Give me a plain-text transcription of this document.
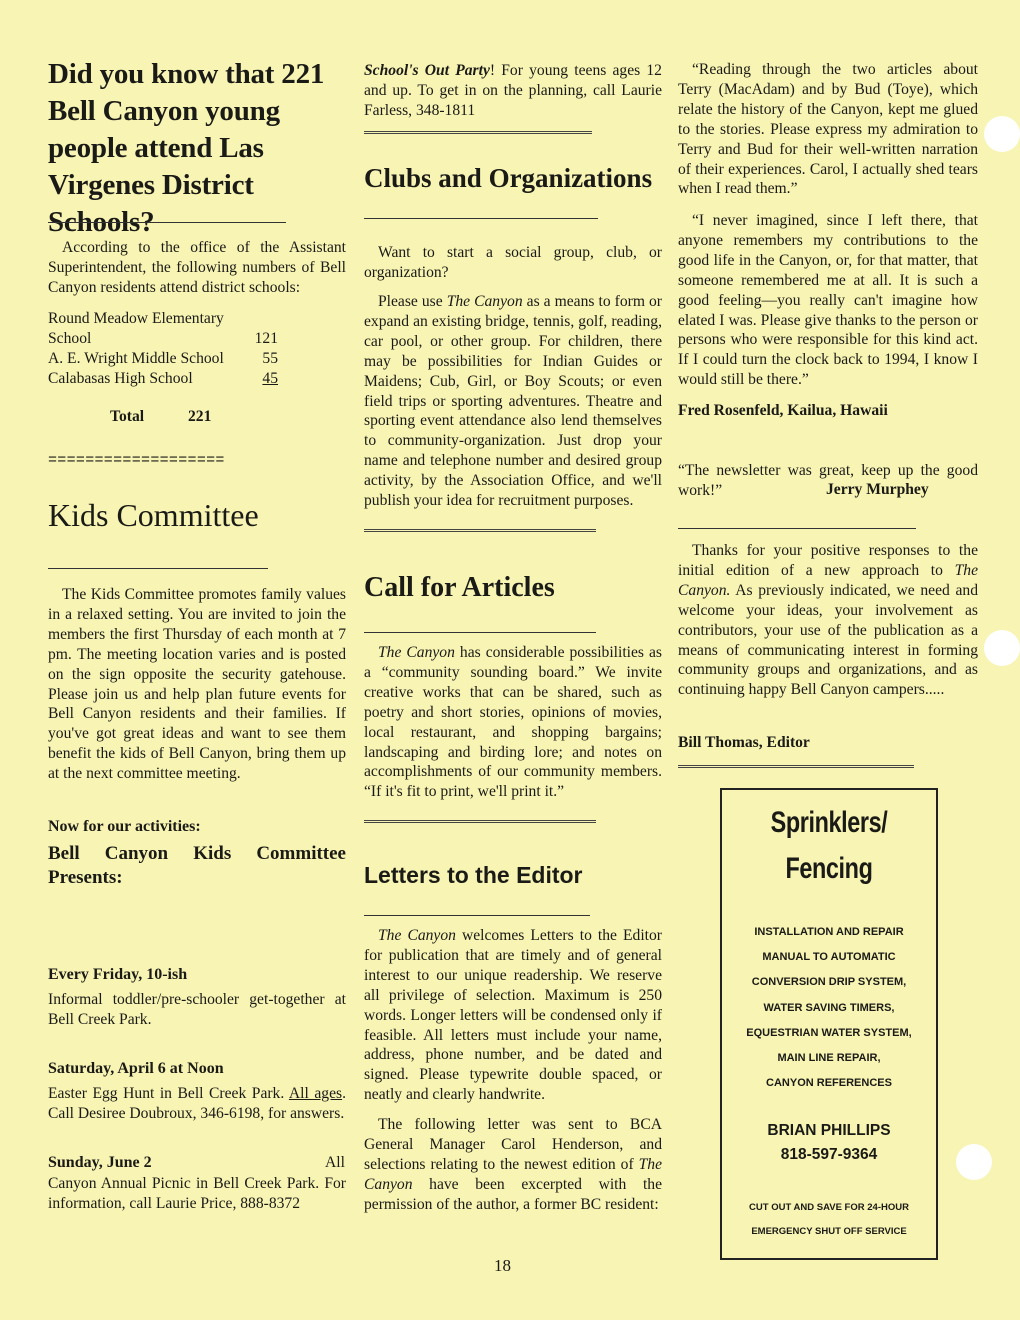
Did you know that 221 Bell Canyon young people attend Las Virgenes District Schools?

According to the office of the Assistant Superintendent, the following numbers of Bell Canyon residents attend district schools:

Round Meadow Elementary	
School	121
A. E. Wright Middle School	55
Calabasas High School	45
Total	221
===================
Kids Committee

The Kids Committee promotes family values in a relaxed setting. You are invited to join the members the first Thursday of each month at 7 pm. The meeting location varies and is posted on the sign opposite the security gatehouse. Please join us and help plan future events for Bell Canyon residents and their families. If you've got great ideas and want to see them benefit the kids of Bell Canyon, bring them up at the next committee meeting.

Now for our activities:
Bell Canyon Kids Committee Presents:
Every Friday, 10-ish

Informal toddler/pre-schooler get-together at Bell Creek Park.

Saturday, April 6 at Noon

Easter Egg Hunt in Bell Creek Park. All ages. Call Desiree Doubroux, 346-6198, for answers.

Sunday, June 2	All

Canyon Annual Picnic in Bell Creek Park. For information, call Laurie Price, 888-8372

School's Out Party! For young teens ages 12 and up. To get in on the planning, call Laurie Farless, 348-1811

Clubs and Organizations

Want to start a social group, club, or organization?

Please use The Canyon as a means to form or expand an existing bridge, tennis, golf, reading, car pool, or other group. For children, there may be possibilities for Indian Guides or Maidens; Cub, Girl, or Boy Scouts; or even field trips or sporting adventures. Theatre and sporting event attendance also lend themselves to community-organization. Just drop your name and telephone number and desired group activity, by the Association Office, and we'll publish your idea for recruitment purposes.

Call for Articles

The Canyon has considerable possibilities as a “community sounding board.” We invite creative works that can be shared, such as poetry and short stories, opinions of movies, local restaurant, and shopping bargains; landscaping and birding lore; and notes on accomplishments of our community members. “If it's fit to print, we'll print it.”

Letters to the Editor

The Canyon welcomes Letters to the Editor for publication that are timely and of general interest to our unique readership. We reserve all privilege of selection. Maximum is 250 words. Longer letters will be condensed only if feasible. All letters must include your name, address, phone number, and be dated and signed. Please typewrite double spaced, or neatly and clearly handwrite.

The following letter was sent to BCA General Manager Carol Henderson, and selections relating to the newest edition of The Canyon have been excerpted with the permission of the author, a former BC resident:

“Reading through the two articles about Terry (MacAdam) and by Bud (Toye), which relate the history of the Canyon, kept me glued to the stories. Please express my admiration to Terry and Bud for their well-written narration of their experiences. Carol, I actually shed tears when I read them.”

“I never imagined, since I left there, that anyone remembers my contributions to the good life in the Canyon, or, for that matter, that someone remembered me at all. It is such a good feeling—you really can't imagine how elated I was. Please give thanks to the person or persons who were responsible for this kind act. If I could turn the clock back to 1994, I know I would still be there.”

Fred Rosenfeld, Kailua, Hawaii

“The newsletter was great, keep up the good work!”	Jerry Murphey

Thanks for your positive responses to the initial edition of a new approach to The Canyon. As previously indicated, we need and welcome your ideas, your involvement as contributors, your use of the publication as a means of communicating interest in forming community groups and organizations, and as continuing happy Bell Canyon campers.....

Bill Thomas, Editor
Sprinklers/
Fencing
INSTALLATION AND REPAIR
MANUAL TO AUTOMATIC
CONVERSION DRIP SYSTEM,
WATER SAVING TIMERS,
EQUESTRIAN WATER SYSTEM,
MAIN LINE REPAIR,
CANYON REFERENCES
BRIAN PHILLIPS
818-597-9364
CUT OUT AND SAVE FOR 24-HOUR
EMERGENCY SHUT OFF SERVICE
18
